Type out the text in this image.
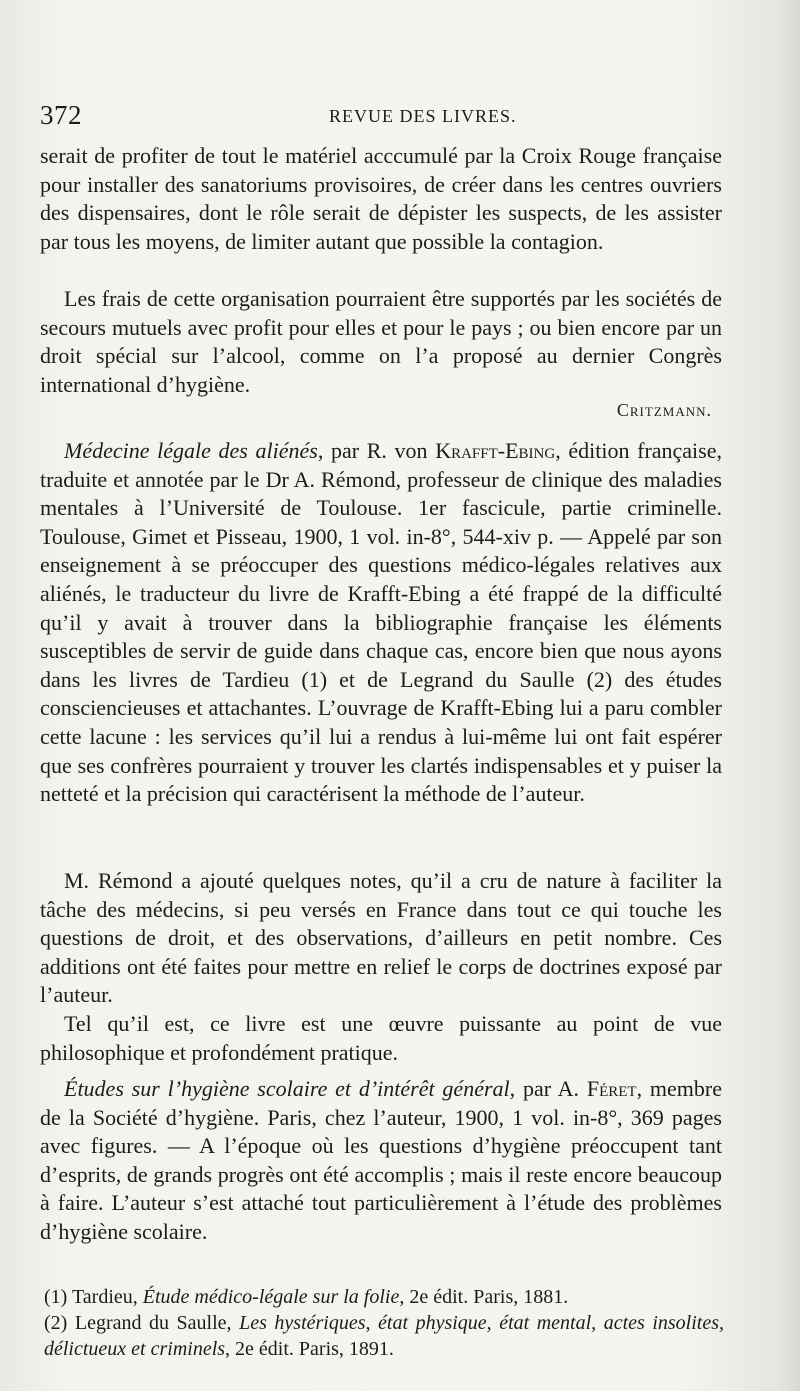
372	REVUE DES LIVRES.

serait de profiter de tout le matériel acccumulé par la Croix Rouge française pour installer des sanatoriums provisoires, de créer dans les centres ouvriers des dispensaires, dont le rôle serait de dépister les suspects, de les assister par tous les moyens, de limiter autant que possible la contagion.

Les frais de cette organisation pourraient être supportés par les sociétés de secours mutuels avec profit pour elles et pour le pays ; ou bien encore par un droit spécial sur l’alcool, comme on l’a proposé au dernier Congrès international d’hygiène.

Critzmann.

Médecine légale des aliénés, par R. von Krafft-Ebing, édition française, traduite et annotée par le Dr A. Rémond, professeur de clinique des maladies mentales à l’Université de Toulouse. 1er fascicule, partie criminelle. Toulouse, Gimet et Pisseau, 1900, 1 vol. in-8°, 544-xiv p. — Appelé par son enseignement à se préoccuper des questions médico-légales relatives aux aliénés, le traducteur du livre de Krafft-Ebing a été frappé de la difficulté qu’il y avait à trouver dans la bibliographie française les éléments susceptibles de servir de guide dans chaque cas, encore bien que nous ayons dans les livres de Tardieu (1) et de Legrand du Saulle (2) des études consciencieuses et attachantes. L’ouvrage de Krafft-Ebing lui a paru combler cette lacune : les services qu’il lui a rendus à lui-même lui ont fait espérer que ses confrères pourraient y trouver les clartés indispensables et y puiser la netteté et la précision qui caractérisent la méthode de l’auteur.

M. Rémond a ajouté quelques notes, qu’il a cru de nature à faciliter la tâche des médecins, si peu versés en France dans tout ce qui touche les questions de droit, et des observations, d’ailleurs en petit nombre. Ces additions ont été faites pour mettre en relief le corps de doctrines exposé par l’auteur.

Tel qu’il est, ce livre est une œuvre puissante au point de vue philosophique et profondément pratique.

Études sur l’hygiène scolaire et d’intérêt général, par A. Féret, membre de la Société d’hygiène. Paris, chez l’auteur, 1900, 1 vol. in-8°, 369 pages avec figures. — A l’époque où les questions d’hygiène préoccupent tant d’esprits, de grands progrès ont été accomplis ; mais il reste encore beaucoup à faire. L’auteur s’est attaché tout particulièrement à l’étude des problèmes d’hygiène scolaire.

(1) Tardieu, Étude médico-légale sur la folie, 2e édit. Paris, 1881.

(2) Legrand du Saulle, Les hystériques, état physique, état mental, actes insolites, délictueux et criminels, 2e édit. Paris, 1891.
